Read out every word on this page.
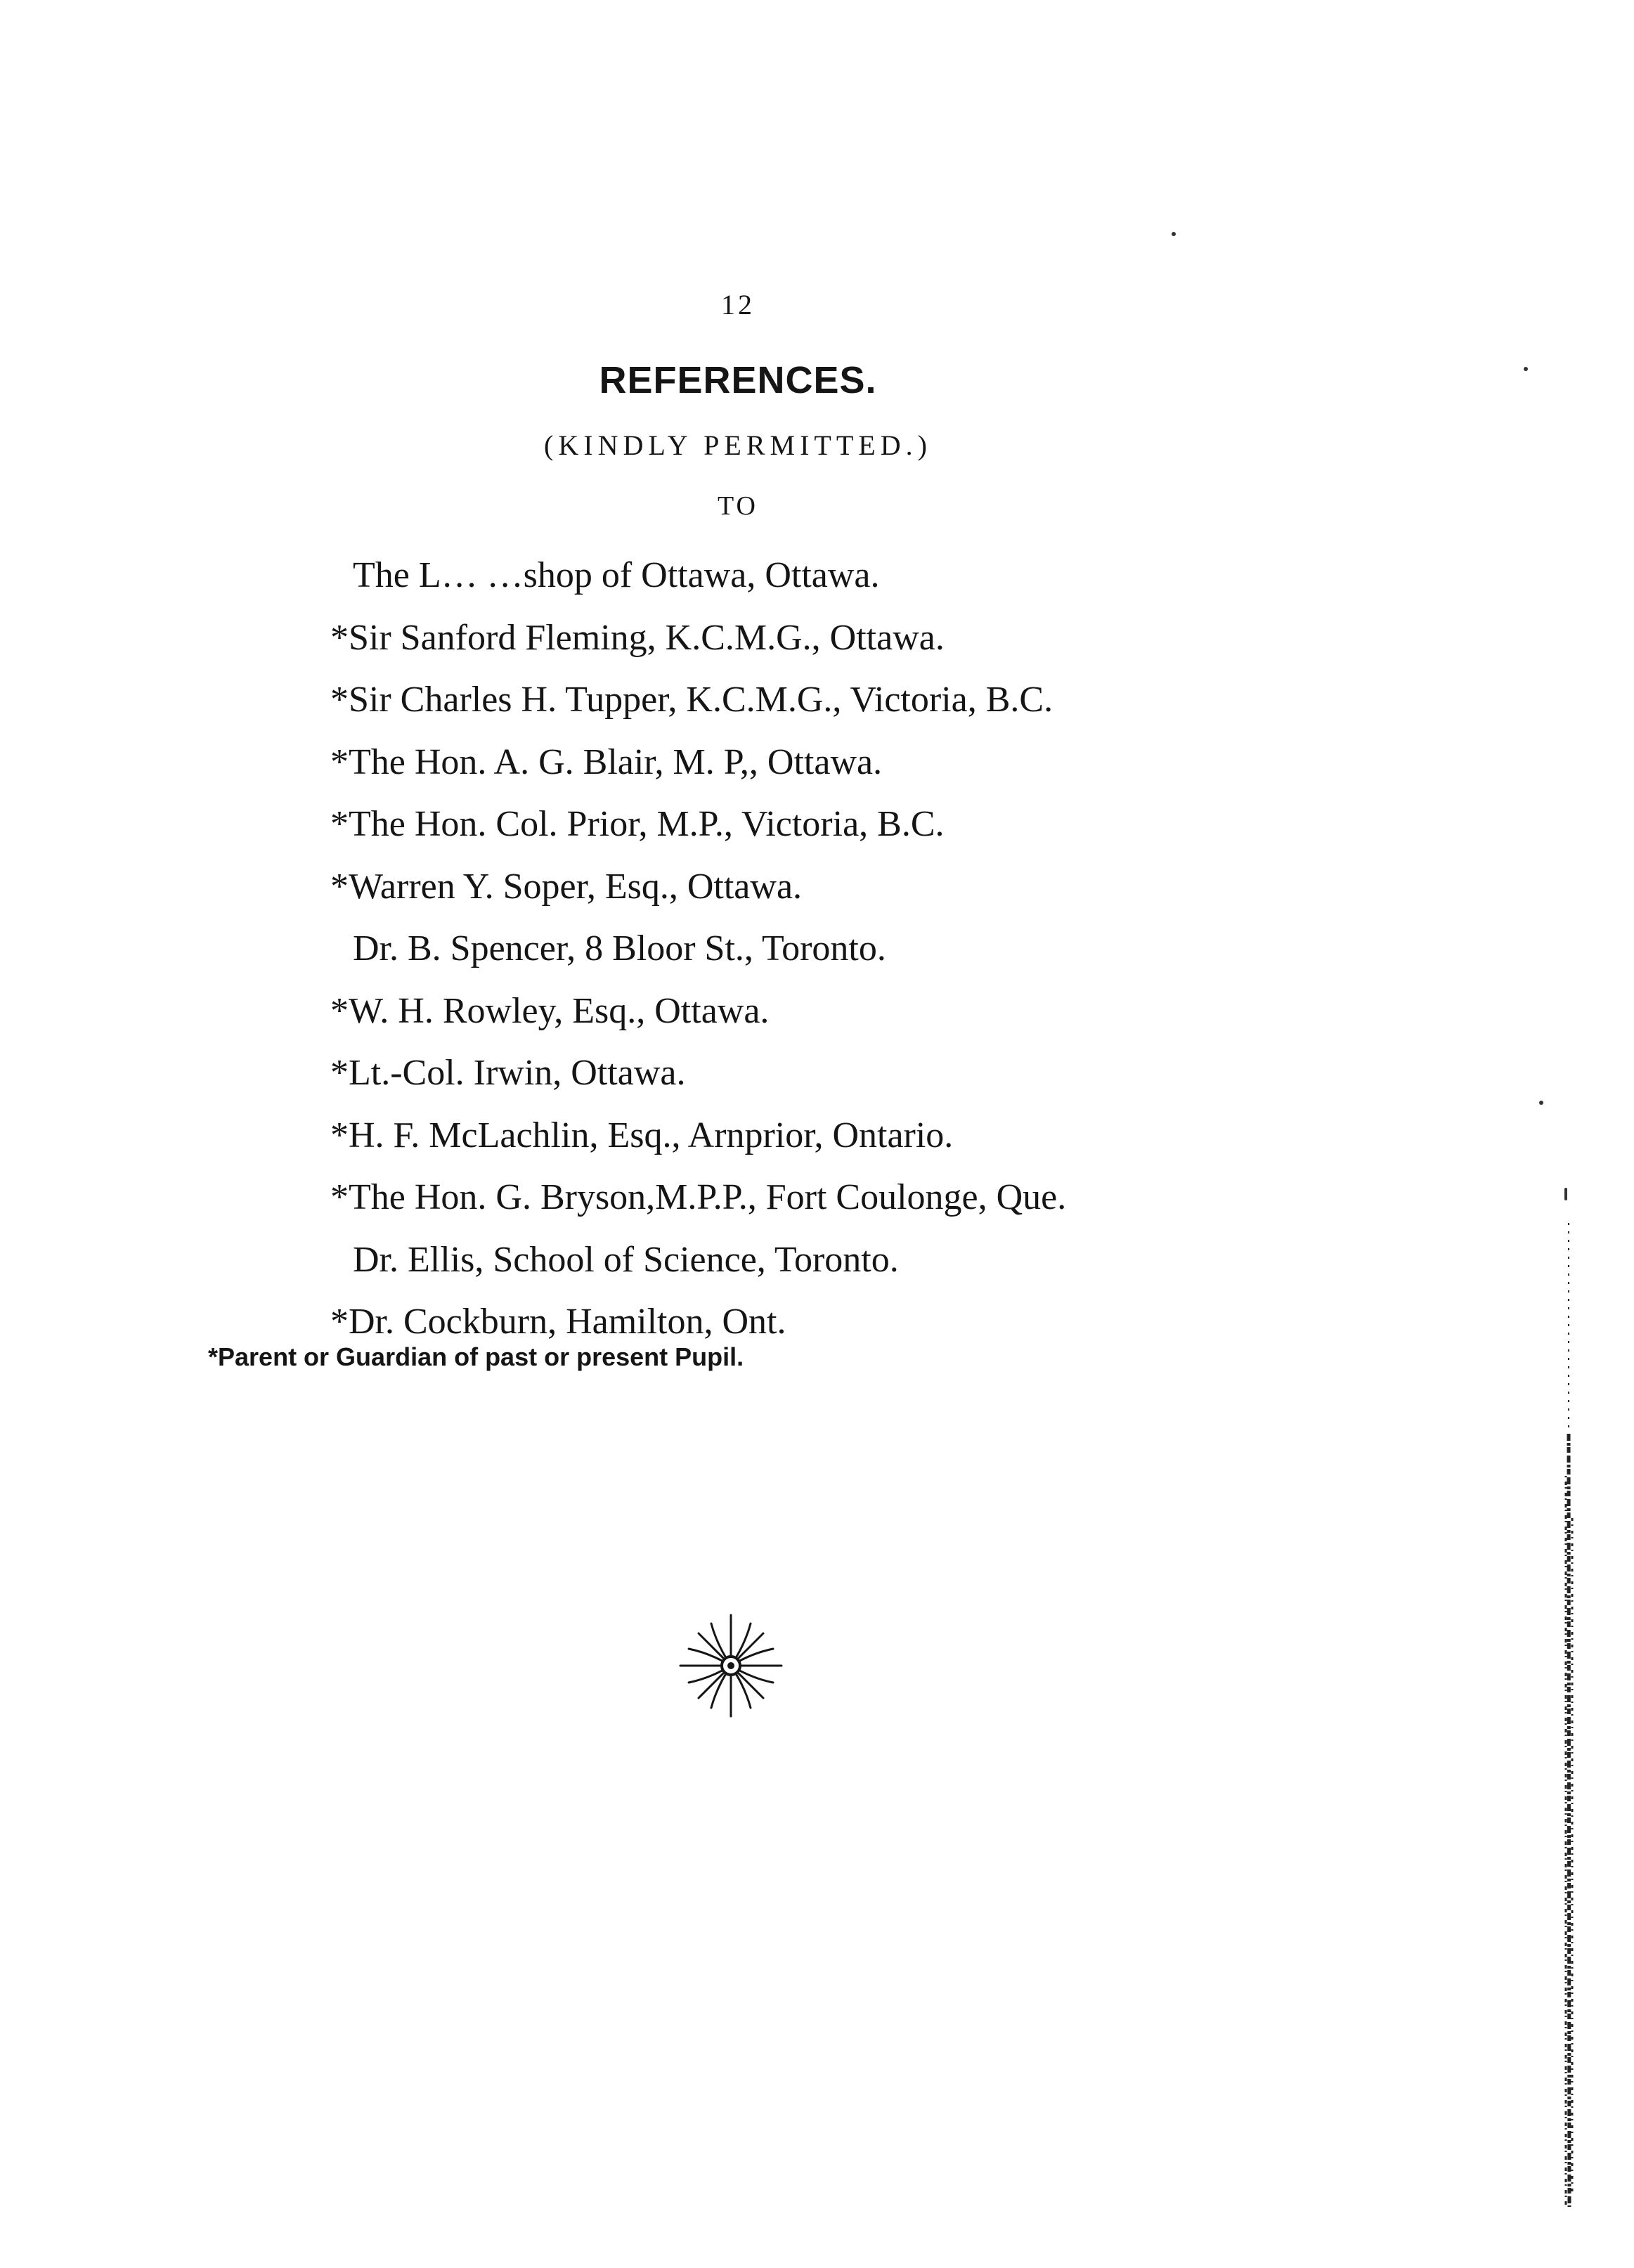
12
REFERENCES.
(KINDLY PERMITTED.)
TO
The L… …shop of Ottawa, Ottawa.
*Sir Sanford Fleming, K.C.M.G., Ottawa.
*Sir Charles H. Tupper, K.C.M.G., Victoria, B.C.
*The Hon. A. G. Blair, M. P,, Ottawa.
*The Hon. Col. Prior, M.P., Victoria, B.C.
*Warren Y. Soper, Esq., Ottawa.
Dr. B. Spencer, 8 Bloor St., Toronto.
*W. H. Rowley, Esq., Ottawa.
*Lt.-Col. Irwin, Ottawa.
*H. F. McLachlin, Esq., Arnprior, Ontario.
*The Hon. G. Bryson,M.P.P., Fort Coulonge, Que.
Dr. Ellis, School of Science, Toronto.
*Dr. Cockburn, Hamilton, Ont.
*Parent or Guardian of past or present Pupil.
